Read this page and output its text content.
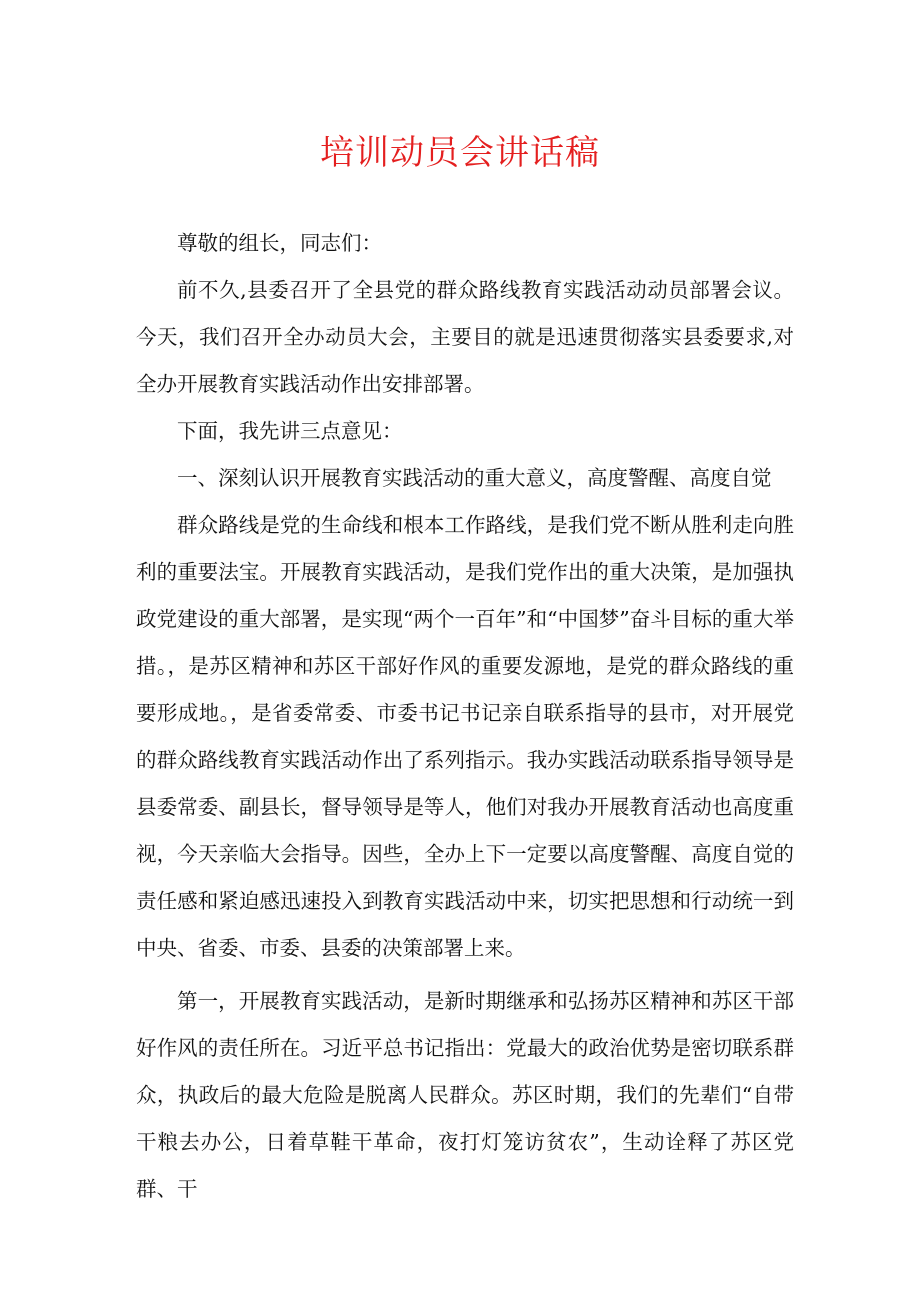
培训动员会讲话稿

尊敬的组长，同志们：

前不久,县委召开了全县党的群众路线教育实践活动动员部署会议。今天，我们召开全办动员大会，主要目的就是迅速贯彻落实县委要求,对全办开展教育实践活动作出安排部署。

下面，我先讲三点意见：

一、深刻认识开展教育实践活动的重大意义，高度警醒、高度自觉

群众路线是党的生命线和根本工作路线，是我们党不断从胜利走向胜利的重要法宝。开展教育实践活动，是我们党作出的重大决策，是加强执政党建设的重大部署，是实现“两个一百年”和“中国梦”奋斗目标的重大举措。，是苏区精神和苏区干部好作风的重要发源地，是党的群众路线的重要形成地。，是省委常委、市委书记书记亲自联系指导的县市，对开展党的群众路线教育实践活动作出了系列指示。我办实践活动联系指导领导是县委常委、副县长，督导领导是等人，他们对我办开展教育活动也高度重视，今天亲临大会指导。因些，全办上下一定要以高度警醒、高度自觉的责任感和紧迫感迅速投入到教育实践活动中来，切实把思想和行动统一到中央、省委、市委、县委的决策部署上来。

第一，开展教育实践活动，是新时期继承和弘扬苏区精神和苏区干部好作风的责任所在。习近平总书记指出：党最大的政治优势是密切联系群众，执政后的最大危险是脱离人民群众。苏区时期，我们的先辈们“自带干粮去办公，日着草鞋干革命，夜打灯笼访贫农”，生动诠释了苏区党群、干
